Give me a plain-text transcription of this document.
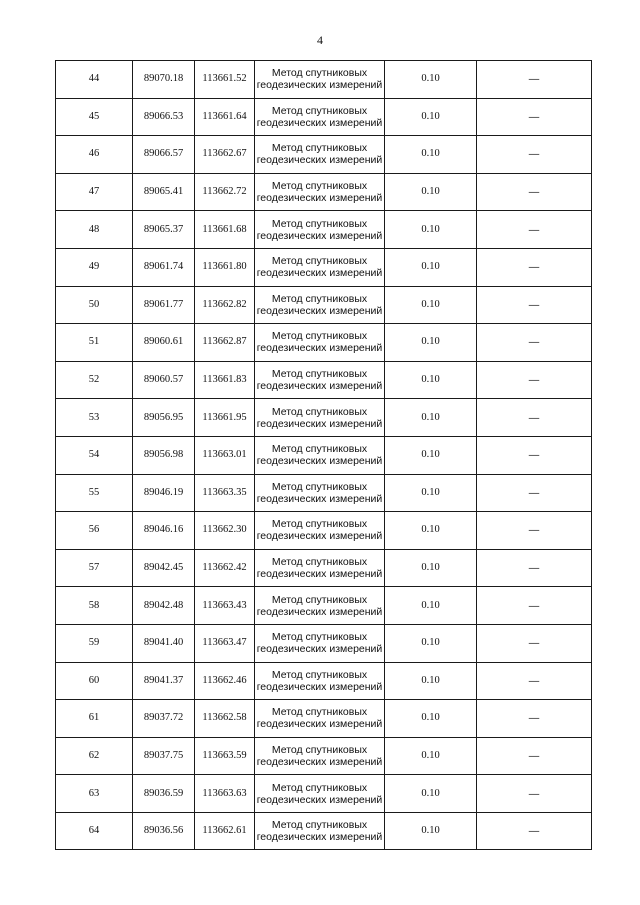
4
44	89070.18	113661.52	Метод спутниковых
геодезических измерений	0.10	—
45	89066.53	113661.64	Метод спутниковых
геодезических измерений	0.10	—
46	89066.57	113662.67	Метод спутниковых
геодезических измерений	0.10	—
47	89065.41	113662.72	Метод спутниковых
геодезических измерений	0.10	—
48	89065.37	113661.68	Метод спутниковых
геодезических измерений	0.10	—
49	89061.74	113661.80	Метод спутниковых
геодезических измерений	0.10	—
50	89061.77	113662.82	Метод спутниковых
геодезических измерений	0.10	—
51	89060.61	113662.87	Метод спутниковых
геодезических измерений	0.10	—
52	89060.57	113661.83	Метод спутниковых
геодезических измерений	0.10	—
53	89056.95	113661.95	Метод спутниковых
геодезических измерений	0.10	—
54	89056.98	113663.01	Метод спутниковых
геодезических измерений	0.10	—
55	89046.19	113663.35	Метод спутниковых
геодезических измерений	0.10	—
56	89046.16	113662.30	Метод спутниковых
геодезических измерений	0.10	—
57	89042.45	113662.42	Метод спутниковых
геодезических измерений	0.10	—
58	89042.48	113663.43	Метод спутниковых
геодезических измерений	0.10	—
59	89041.40	113663.47	Метод спутниковых
геодезических измерений	0.10	—
60	89041.37	113662.46	Метод спутниковых
геодезических измерений	0.10	—
61	89037.72	113662.58	Метод спутниковых
геодезических измерений	0.10	—
62	89037.75	113663.59	Метод спутниковых
геодезических измерений	0.10	—
63	89036.59	113663.63	Метод спутниковых
геодезических измерений	0.10	—
64	89036.56	113662.61	Метод спутниковых
геодезических измерений	0.10	—
